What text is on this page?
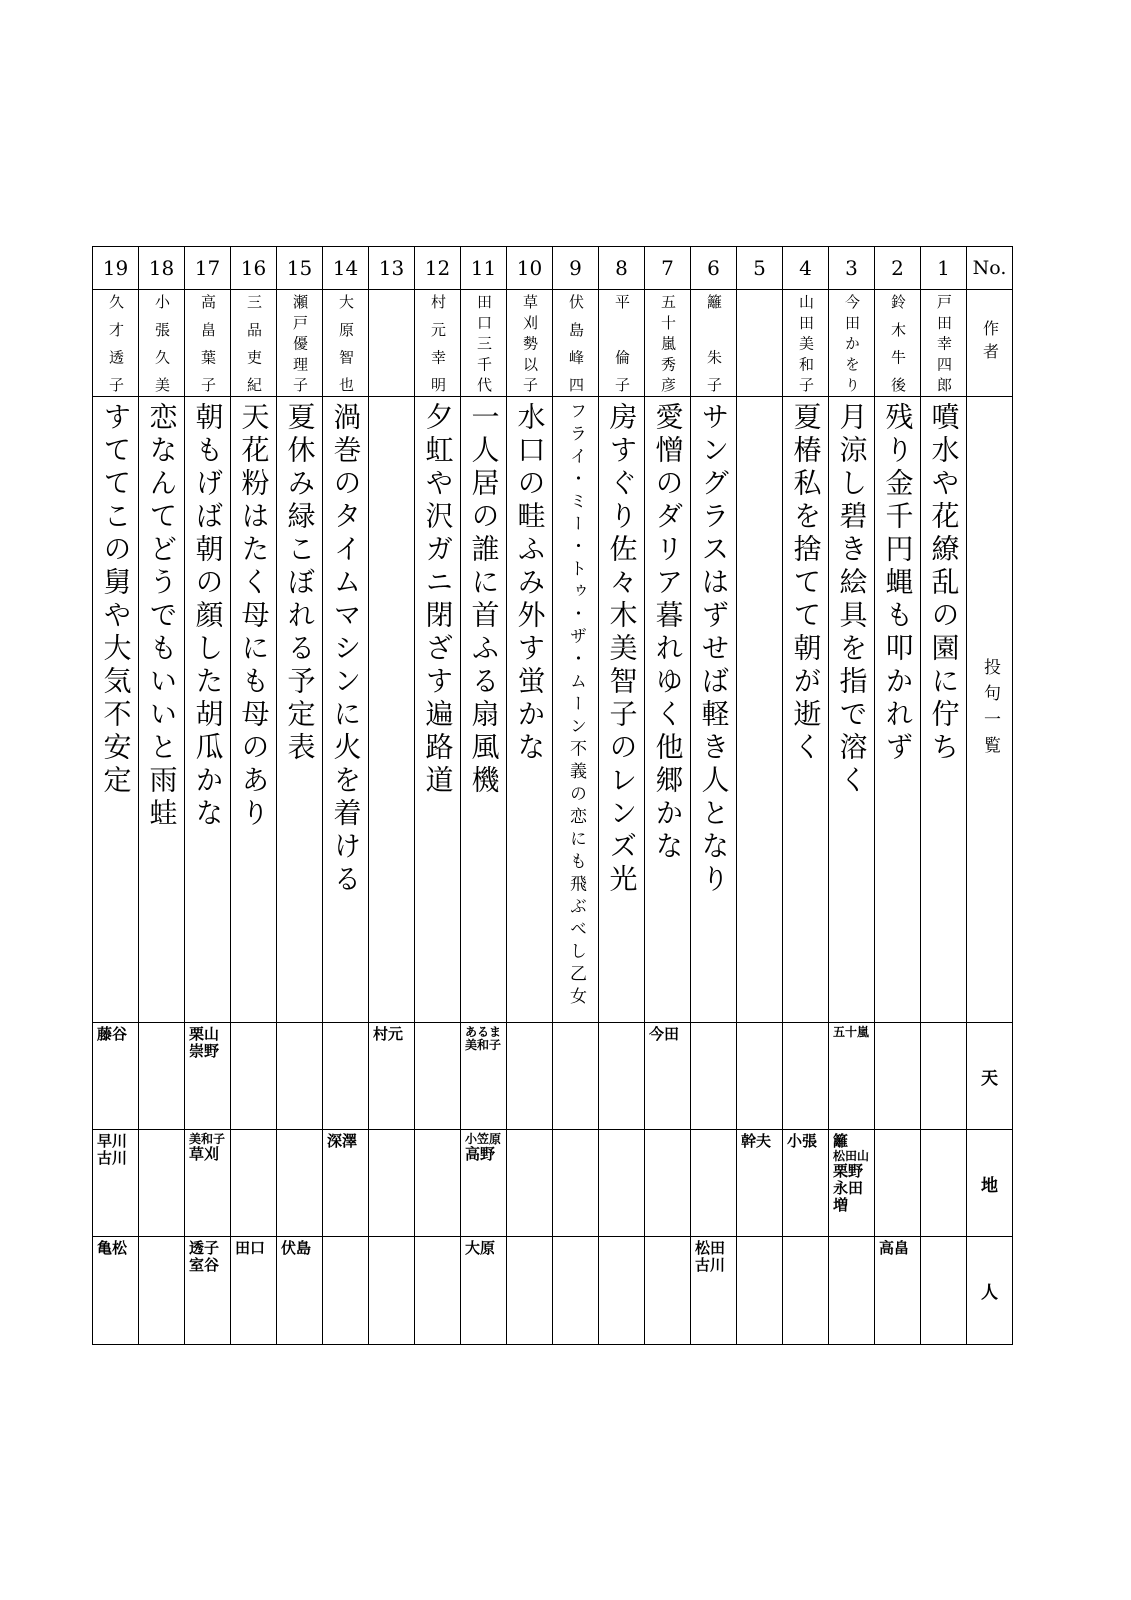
No.
作者
投句一覧
天
地
人
1
戸田幸四郎
噴水や花繚乱の園に佇ち
2
鈴木牛後
残り金千円蝿も叩かれず
高畠
3
今田かをり
月涼し碧き絵具を指で溶く
五十嵐
籬
松田山
栗野
永田
増
4
山田美和子
夏椿私を捨てて朝が逝く
小張
5
幹夫
6
籬　朱子
サングラスはずせば軽き人となり
松田
古川
7
五十嵐秀彦
愛憎のダリア暮れゆく他郷かな
今田
8
平　倫子
房すぐり佐々木美智子のレンズ光
9
伏島峰四
フライ・ミー・トゥ・ザ・ムーン不義の恋にも飛ぶべし乙女
10
草刈勢以子
水口の畦ふみ外す蛍かな
11
田口三千代
一人居の誰に首ふる扇風機
あるま
美和子
小笠原
高野
大原
12
村元幸明
夕虹や沢ガニ閉ざす遍路道
13
村元
14
大原智也
渦巻のタイムマシンに火を着ける
深澤
15
瀬戸優理子
夏休み緑こぼれる予定表
伏島
16
三品吏紀
天花粉はたく母にも母のあり
田口
17
高畠葉子
朝もげば朝の顔した胡瓜かな
栗山
崇野
美和子
草刈
透子
室谷
18
小張久美
恋なんてどうでもいいと雨蛙
19
久才透子
すててこの舅や大気不安定
藤谷
早川
古川
亀松
